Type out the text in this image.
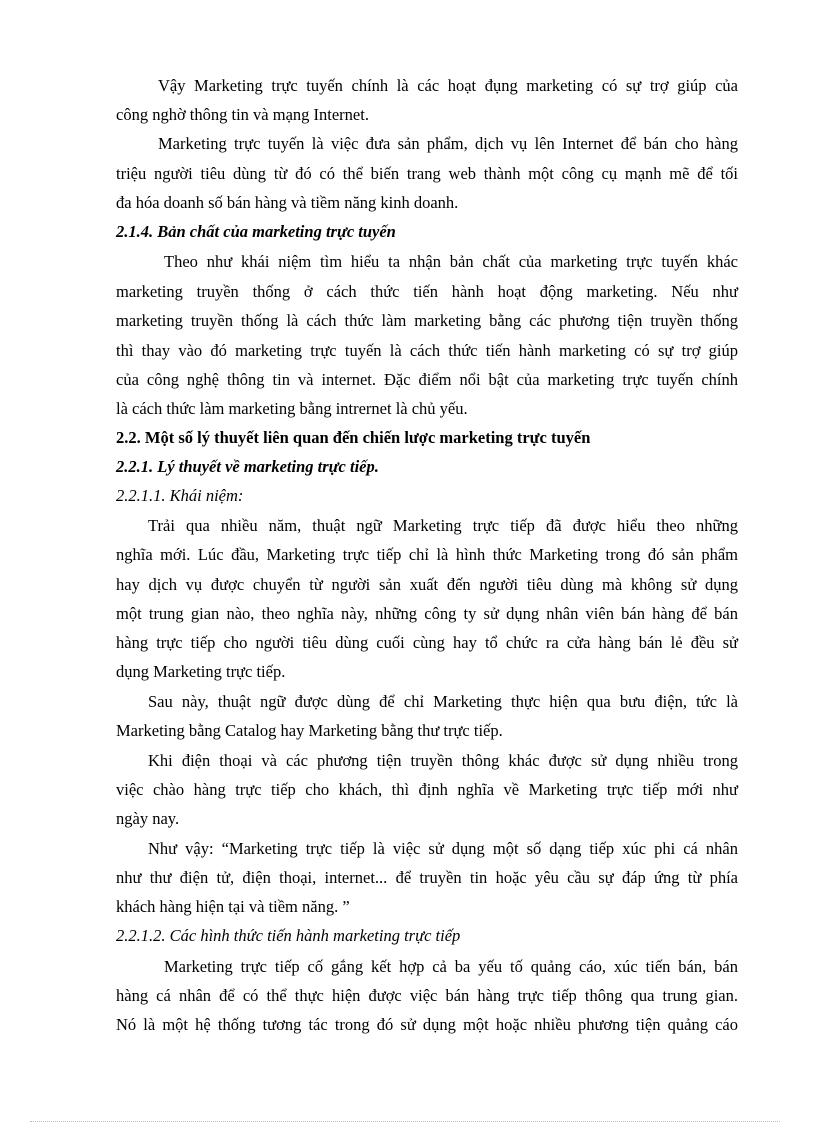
Vậy Marketing trực tuyến chính là các hoạt đụng marketing có sự trợ giúp của
công nghờ thông tin và mạng Internet.
Marketing trực tuyến là việc đưa sản phẩm, dịch vụ lên Internet để bán cho hàng
triệu người tiêu dùng từ đó có thể biến trang web thành một công cụ mạnh mẽ để tối
đa hóa doanh số bán hàng và tiềm năng kinh doanh.
2.1.4. Bản chất của marketing trực tuyến
Theo như khái niệm tìm hiểu ta nhận bản chất của marketing trực tuyến khác
marketing truyền thống ở cách thức tiến hành hoạt động marketing. Nếu như
marketing truyền thống là cách thức làm marketing bằng các phương tiện truyền thống
thì thay vào đó marketing trực tuyến là cách thức tiến hành marketing có sự trợ giúp
của công nghệ thông tin và internet. Đặc điểm nổi bật của marketing trực tuyến chính
là cách thức làm marketing bằng intrernet là chủ yếu.
2.2. Một số lý thuyết liên quan đến chiến lược marketing trực tuyến
2.2.1. Lý thuyết về marketing trực tiếp.
2.2.1.1. Khái niệm:
Trải qua nhiều năm, thuật ngữ Marketing trực tiếp đã được hiểu theo những
nghĩa mới. Lúc đầu, Marketing trực tiếp chỉ là hình thức Marketing trong đó sản phẩm
hay dịch vụ được chuyển từ người sản xuất đến người tiêu dùng mà không sử dụng
một trung gian nào, theo nghĩa này, những công ty sử dụng nhân viên bán hàng để bán
hàng trực tiếp cho người tiêu dùng cuối cùng hay tổ chức ra cửa hàng bán lẻ đều sử
dụng Marketing trực tiếp.
Sau này, thuật ngữ được dùng để chỉ Marketing thực hiện qua bưu điện, tức là
Marketing bằng Catalog hay Marketing bằng thư trực tiếp.
Khi điện thoại và các phương tiện truyền thông khác được sử dụng nhiều trong
việc chào hàng trực tiếp cho khách, thì định nghĩa về Marketing trực tiếp mới như
ngày nay.
Như vậy: “Marketing trực tiếp là việc sử dụng một số dạng tiếp xúc phi cá nhân
như thư điện tử, điện thoại, internet... để truyền tin hoặc yêu cầu sự đáp ứng từ phía
khách hàng hiện tại và tiềm năng. ”
2.2.1.2. Các hình thức tiến hành marketing trực tiếp
Marketing trực tiếp cố gắng kết hợp cả ba yếu tố quảng cáo, xúc tiến bán, bán
hàng cá nhân để có thể thực hiện được việc bán hàng trực tiếp thông qua trung gian.
Nó là một hệ thống tương tác trong đó sử dụng một hoặc nhiều phương tiện quảng cáo
